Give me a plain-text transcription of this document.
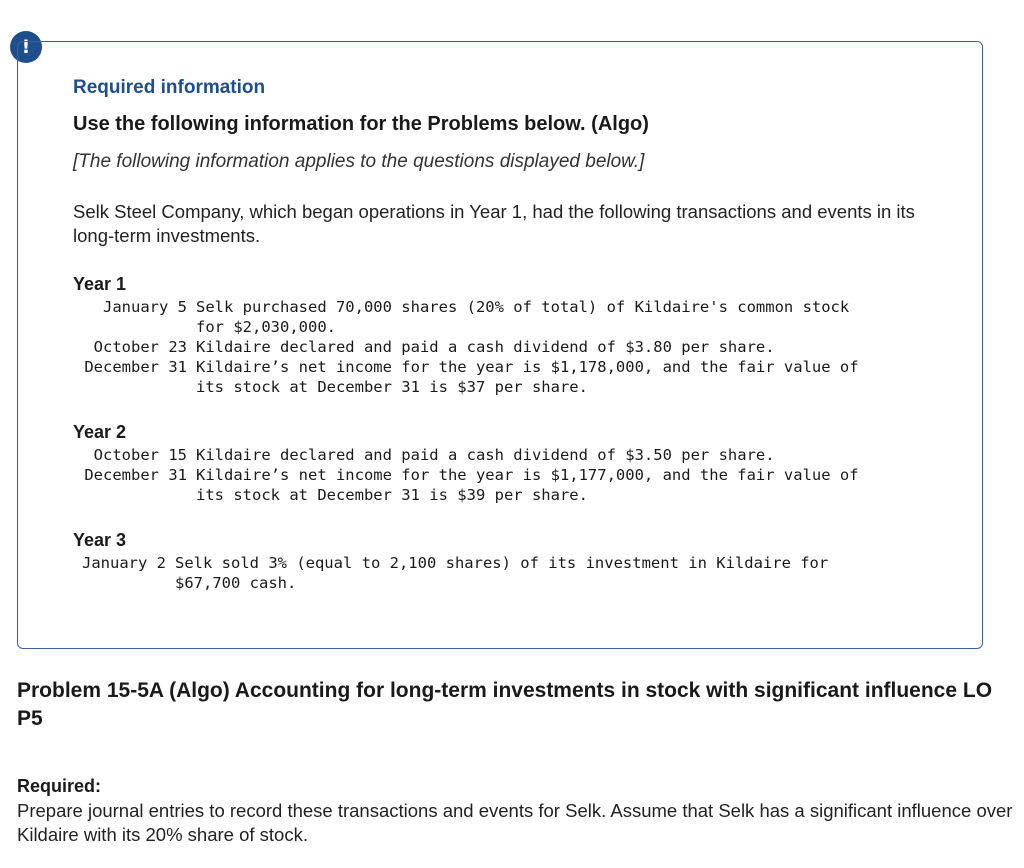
!

Required information

Use the following information for the Problems below. (Algo)

[The following information applies to the questions displayed below.]

Selk Steel Company, which began operations in Year 1, had the following transactions and events in its long-term investments.

Year 1

January 5 Selk purchased 70,000 shares (20% of total) of Kildaire's common stock
for $2,030,000.
October 23 Kildaire declared and paid a cash dividend of $3.80 per share.
December 31 Kildaire’s net income for the year is $1,178,000, and the fair value of
its stock at December 31 is $37 per share.

Year 2

October 15 Kildaire declared and paid a cash dividend of $3.50 per share.
December 31 Kildaire’s net income for the year is $1,177,000, and the fair value of
its stock at December 31 is $39 per share.

Year 3

January 2 Selk sold 3% (equal to 2,100 shares) of its investment in Kildaire for
$67,700 cash.

Problem 15-5A (Algo) Accounting for long-term investments in stock with significant influence LO P5

Required:

Prepare journal entries to record these transactions and events for Selk. Assume that Selk has a significant influence over Kildaire with its 20% share of stock.
